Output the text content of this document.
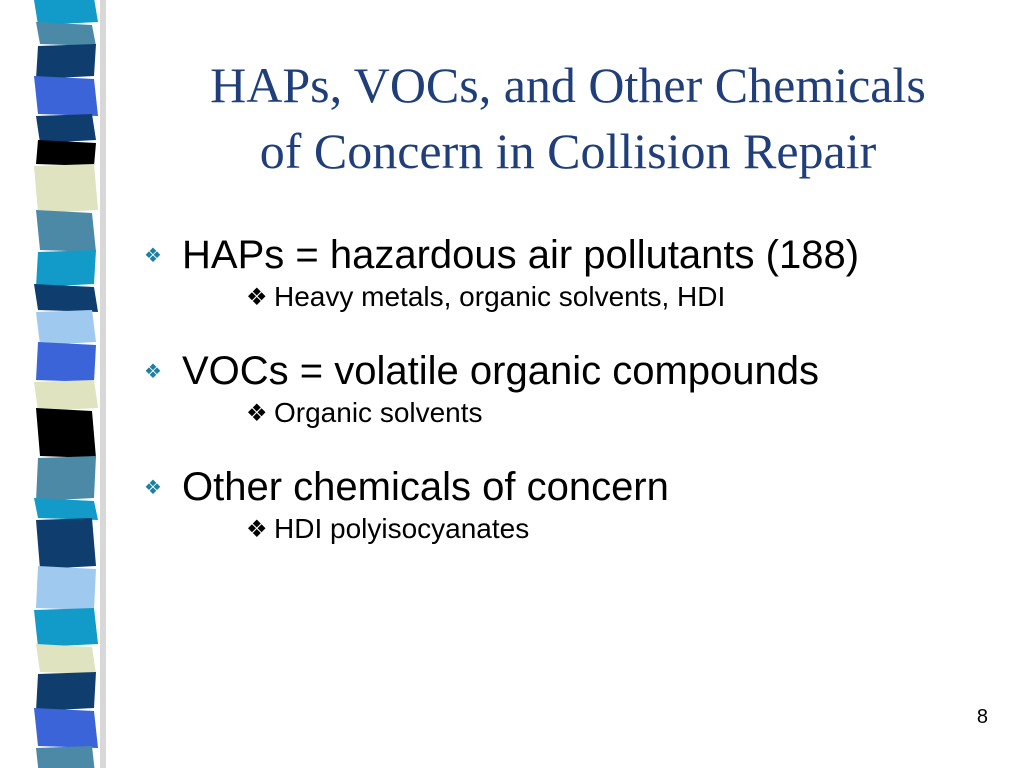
HAPs, VOCs, and Other Chemicals
of Concern in Collision Repair
❖ HAPs = hazardous air pollutants (188)
❖ Heavy metals, organic solvents, HDI
❖ VOCs = volatile organic compounds
❖ Organic solvents
❖ Other chemicals of concern
❖ HDI polyisocyanates
8
